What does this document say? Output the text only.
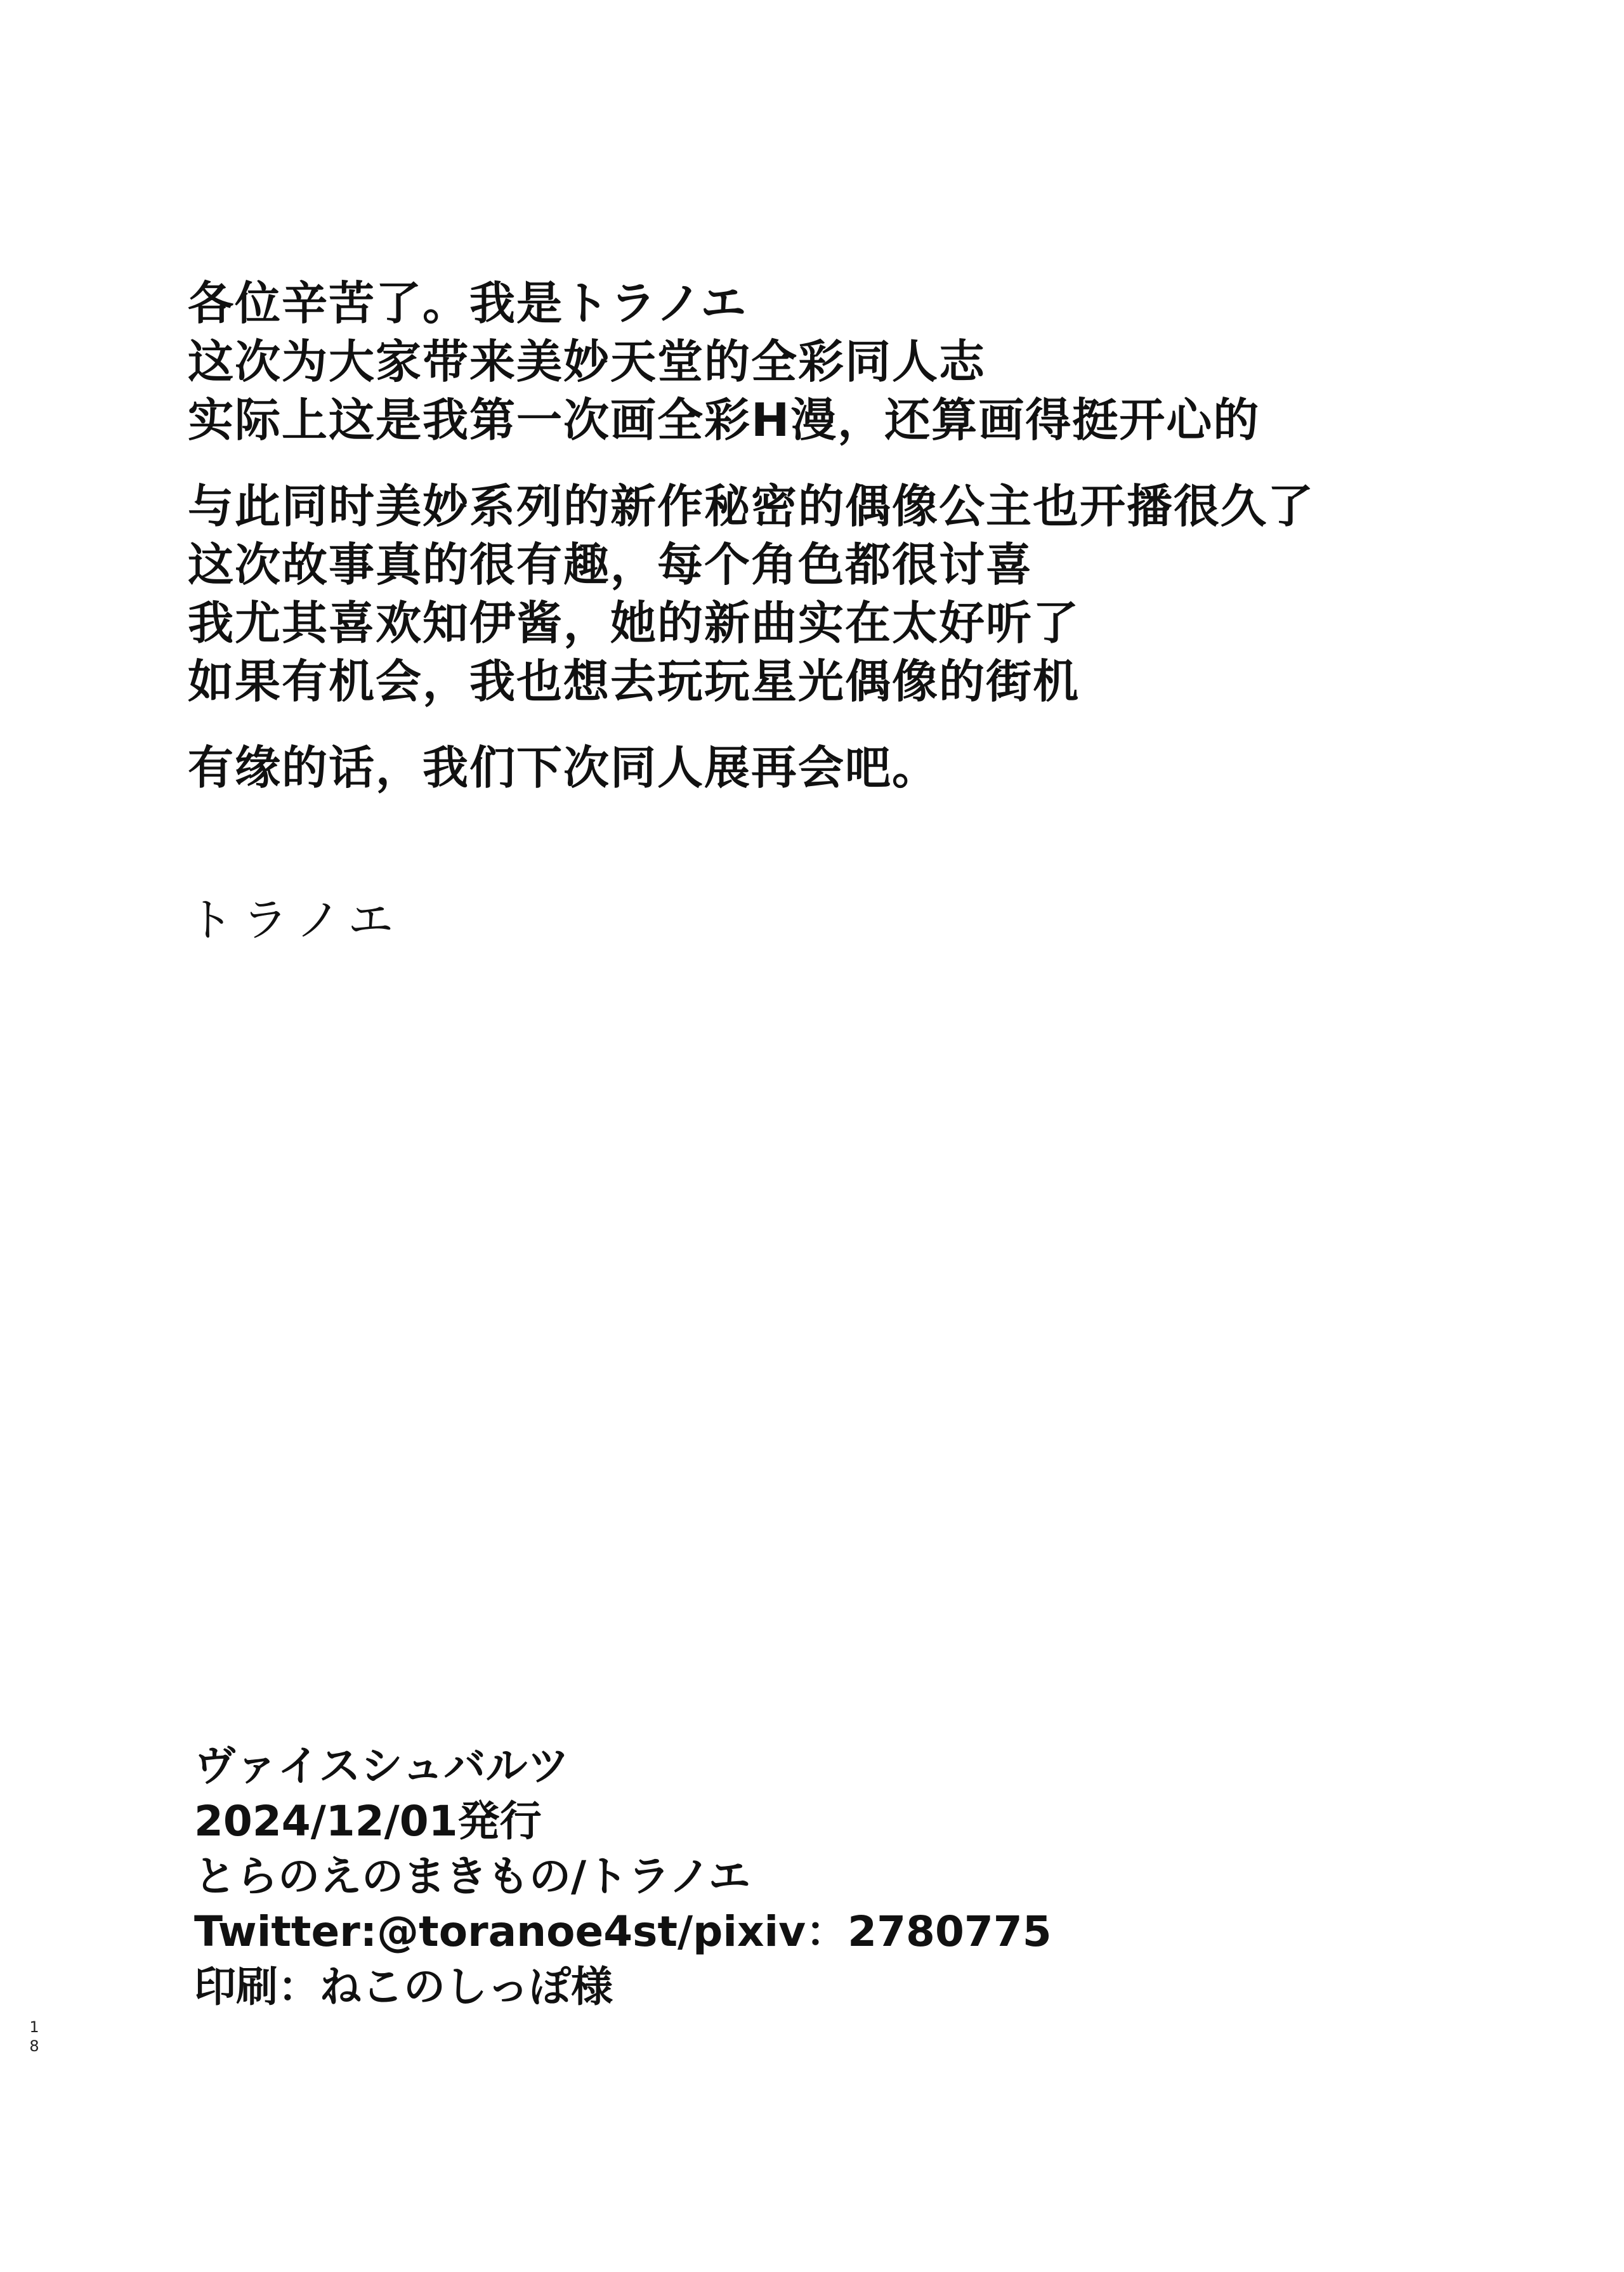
各位辛苦了。我是トラノエ
这次为大家带来美妙天堂的全彩同人志
实际上这是我第一次画全彩H漫，还算画得挺开心的
与此同时美妙系列的新作秘密的偶像公主也开播很久了
这次故事真的很有趣，每个角色都很讨喜
我尤其喜欢知伊酱，她的新曲实在太好听了
如果有机会，我也想去玩玩星光偶像的街机
有缘的话，我们下次同人展再会吧。
トラノエ
ヴァイスシュバルツ
2024/12/01発行
とらのえのまきもの/トラノエ
Twitter:@toranoe4st/pixiv：2780775
印刷：ねこのしっぽ様
1
8
